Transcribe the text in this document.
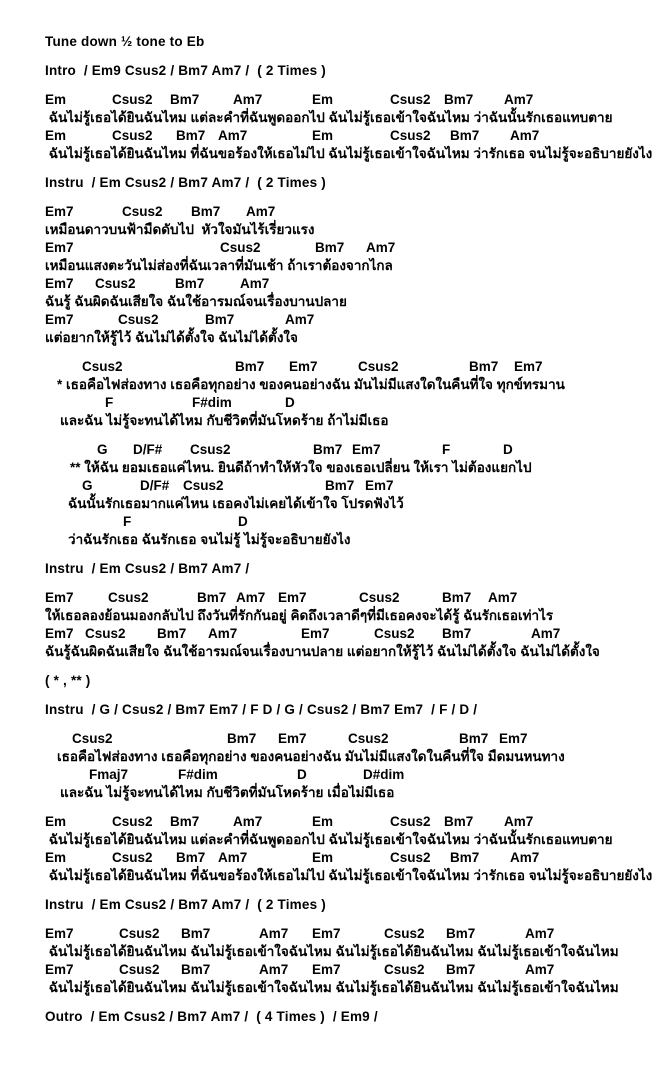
Tune down ½ tone to Eb
Intro  / Em9 Csus2 / Bm7 Am7 /  ( 2 Times )
Em	Csus2 Bm7 Am7	Em	Csus2 Bm7 Am7
ฉันไม่รู้เธอได้ยินฉันไหม แต่ละคำที่ฉันพูดออกไป ฉันไม่รู้เธอเข้าใจฉันไหม ว่าฉันนั้นรักเธอแทบตาย
Em	Csus2 Bm7 Am7	Em	Csus2 Bm7 Am7
ฉันไม่รู้เธอได้ยินฉันไหม ที่ฉันขอร้องให้เธอไม่ไป ฉันไม่รู้เธอเข้าใจฉันไหม ว่ารักเธอ จนไม่รู้จะอธิบายยังไง
Instru  / Em Csus2 / Bm7 Am7 /  ( 2 Times )
Em7	Csus2 Bm7 Am7
เหมือนดาวบนฟ้ามืดดับไป  หัวใจมันไร้เรี่ยวแรง
Em7	Csus2	Bm7 Am7
เหมือนแสงตะวันไม่ส่องที่ฉันเวลาที่มันเช้า ถ้าเราต้องจากไกล
Em7 Csus2	Bm7	Am7
ฉันรู้ ฉันผิดฉันเสียใจ ฉันใช้อารมณ์จนเรื่องบานปลาย
Em7	Csus2	Bm7	Am7
แต่อยากให้รู้ไว้ ฉันไม่ได้ตั้งใจ ฉันไม่ได้ตั้งใจ
Csus2	Bm7 Em7	Csus2	Bm7 Em7
* เธอคือไฟส่องทาง เธอคือทุกอย่าง ของคนอย่างฉัน มันไม่มีแสงใดในคืนที่ใจ ทุกข์ทรมาน
F	F#dim	D
และฉัน ไม่รู้จะทนได้ไหม กับชีวิตที่มันโหดร้าย ถ้าไม่มีเธอ
G D/F# Csus2	Bm7 Em7	F	D
** ให้ฉัน ยอมเธอแค่ไหน. ยินดีถ้าทำให้หัวใจ ของเธอเปลี่ยน ให้เรา ไม่ต้องแยกไป
G	D/F# Csus2	Bm7 Em7
ฉันนั้นรักเธอมากแค่ไหน เธอคงไม่เคยได้เข้าใจ โปรดฟังไว้
F	D
ว่าฉันรักเธอ ฉันรักเธอ จนไม่รู้ ไม่รู้จะอธิบายยังไง
Instru  / Em Csus2 / Bm7 Am7 /
Em7	Csus2	Bm7 Am7 Em7	Csus2	Bm7 Am7
ให้เธอลองย้อนมองกลับไป ถึงวันที่รักกันอยู่ คิดถึงเวลาดีๆที่มีเธอคงจะได้รู้ ฉันรักเธอเท่าไร
Em7 Csus2 Bm7 Am7	Em7	Csus2 Bm7	Am7
ฉันรู้ฉันผิดฉันเสียใจ ฉันใช้อารมณ์จนเรื่องบานปลาย แต่อยากให้รู้ไว้ ฉันไม่ได้ตั้งใจ ฉันไม่ได้ตั้งใจ
( * , ** )
Instru  / G / Csus2 / Bm7 Em7 / F D / G / Csus2 / Bm7 Em7  / F / D /
Csus2	Bm7 Em7	Csus2	Bm7 Em7
เธอคือไฟส่องทาง เธอคือทุกอย่าง ของคนอย่างฉัน มันไม่มีแสงใดในคืนที่ใจ มืดมนหนทาง
Fmaj7	F#dim	D	D#dim
และฉัน ไม่รู้จะทนได้ไหม กับชีวิตที่มันโหดร้าย เมื่อไม่มีเธอ
Em	Csus2 Bm7 Am7	Em	Csus2 Bm7 Am7
ฉันไม่รู้เธอได้ยินฉันไหม แต่ละคำที่ฉันพูดออกไป ฉันไม่รู้เธอเข้าใจฉันไหม ว่าฉันนั้นรักเธอแทบตาย
Em	Csus2 Bm7 Am7	Em	Csus2 Bm7 Am7
ฉันไม่รู้เธอได้ยินฉันไหม ที่ฉันขอร้องให้เธอไม่ไป ฉันไม่รู้เธอเข้าใจฉันไหม ว่ารักเธอ จนไม่รู้จะอธิบายยังไง
Instru  / Em Csus2 / Bm7 Am7 /  ( 2 Times )
Em7	Csus2 Bm7	Am7 Em7	Csus2 Bm7	Am7
ฉันไม่รู้เธอได้ยินฉันไหม ฉันไม่รู้เธอเข้าใจฉันไหม ฉันไม่รู้เธอได้ยินฉันไหม ฉันไม่รู้เธอเข้าใจฉันไหม
Em7	Csus2 Bm7	Am7 Em7	Csus2 Bm7	Am7
ฉันไม่รู้เธอได้ยินฉันไหม ฉันไม่รู้เธอเข้าใจฉันไหม ฉันไม่รู้เธอได้ยินฉันไหม ฉันไม่รู้เธอเข้าใจฉันไหม
Outro  / Em Csus2 / Bm7 Am7 /  ( 4 Times )  / Em9 /
